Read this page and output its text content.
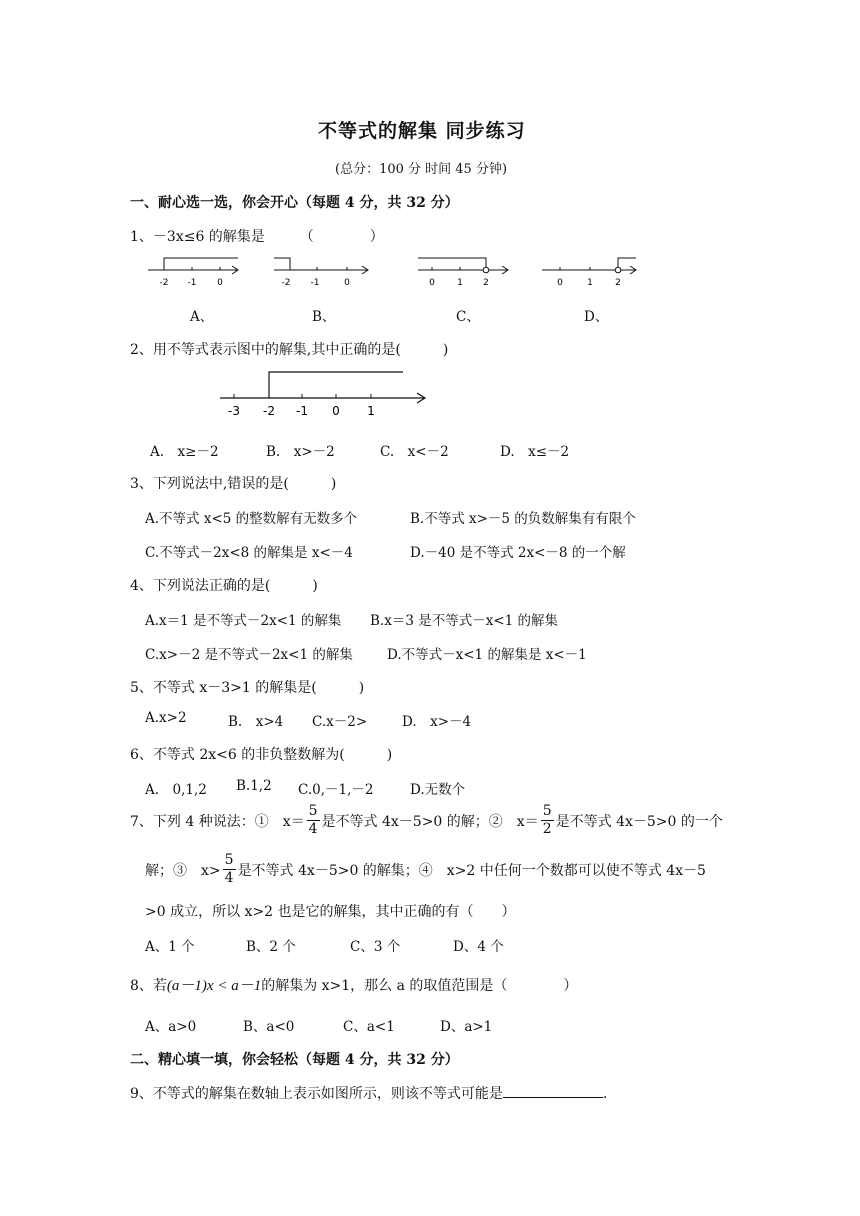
不等式的解集 同步练习
(总分：100 分 时间 45 分钟)
一、耐心选一选，你会开心（每题 4 分，共 32 分）
1、－3x≤6 的解集是　　　（　　　　）
-2 -1 0	-2 -1	0	0 1 2	0	1 2
A、	B、	C、	D、
2、用不等式表示图中的解集,其中正确的是(　　　)
-3 -2 -1 0 1
A.　x≥－2	B.　x>－2	C.　x<－2	D.　x≤－2
3、下列说法中,错误的是(　　　)
A.不等式 x<5 的整数解有无数多个	B.不等式 x>－5 的负数解集有有限个
C.不等式－2x<8 的解集是 x<－4	D.－40 是不等式 2x<－8 的一个解
4、下列说法正确的是(　　　)
A.x＝1 是不等式－2x<1 的解集 B.x＝3 是不等式－x<1 的解集
C.x>－2 是不等式－2x<1 的解集	D.不等式－x<1 的解集是 x<－1
5、不等式 x－3>1 的解集是(　　　)
A.x>2	B.　x>4 C.x－2>	D.　x>－4
6、不等式 2x<6 的非负整数解为(　　　)
A.　0,1,2 B.1,2 C.0,－1,－2	D.无数个
7、下列 4 种说法：①　$x= \frac{5}{4}$ 是不等式 4x－5>0 的解；②　$x= \frac{5}{2}$ 是不等式 4x－5>0 的一个
解；③　$x> \frac{5}{4}$ 是不等式 4x－5>0 的解集；④　x>2 中任何一个数都可以使不等式 4x－5
>0 成立，所以 x>2 也是它的解集，其中正确的有（　　）
A、1 个	B、2 个	C、3 个	D、4 个
8、若(a－1)x < a－1的解集为 x>1，那么 a 的取值范围是（　　　　）
A、a>0	B、a<0	C、a<1	D、a>1
二、精心填一填，你会轻松（每题 4 分，共 32 分）
9、不等式的解集在数轴上表示如图所示，则该不等式可能是	.
